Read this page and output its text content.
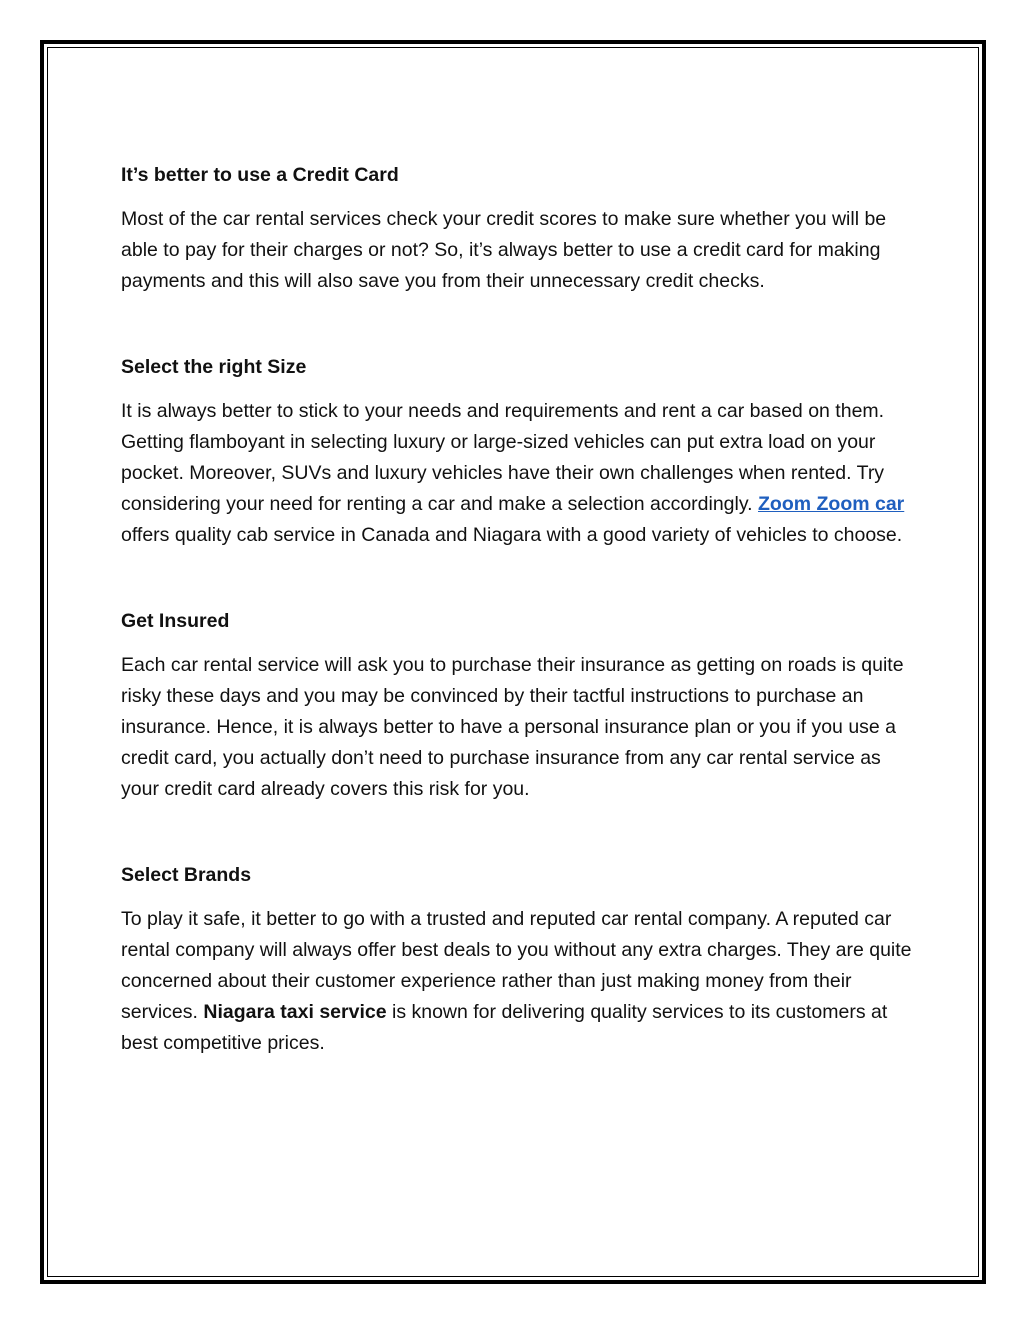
It’s better to use a Credit Card

Most of the car rental services check your credit scores to make sure whether you will be able to pay for their charges or not? So, it’s always better to use a credit card for making payments and this will also save you from their unnecessary credit checks.

Select the right Size

It is always better to stick to your needs and requirements and rent a car based on them. Getting flamboyant in selecting luxury or large-sized vehicles can put extra load on your pocket. Moreover, SUVs and luxury vehicles have their own challenges when rented. Try considering your need for renting a car and make a selection accordingly. Zoom Zoom car offers quality cab service in Canada and Niagara with a good variety of vehicles to choose.

Get Insured

Each car rental service will ask you to purchase their insurance as getting on roads is quite risky these days and you may be convinced by their tactful instructions to purchase an insurance. Hence, it is always better to have a personal insurance plan or you if you use a credit card, you actually don’t need to purchase insurance from any car rental service as your credit card already covers this risk for you.

Select Brands

To play it safe, it better to go with a trusted and reputed car rental company. A reputed car rental company will always offer best deals to you without any extra charges. They are quite concerned about their customer experience rather than just making money from their services. Niagara taxi service is known for delivering quality services to its customers at best competitive prices.
